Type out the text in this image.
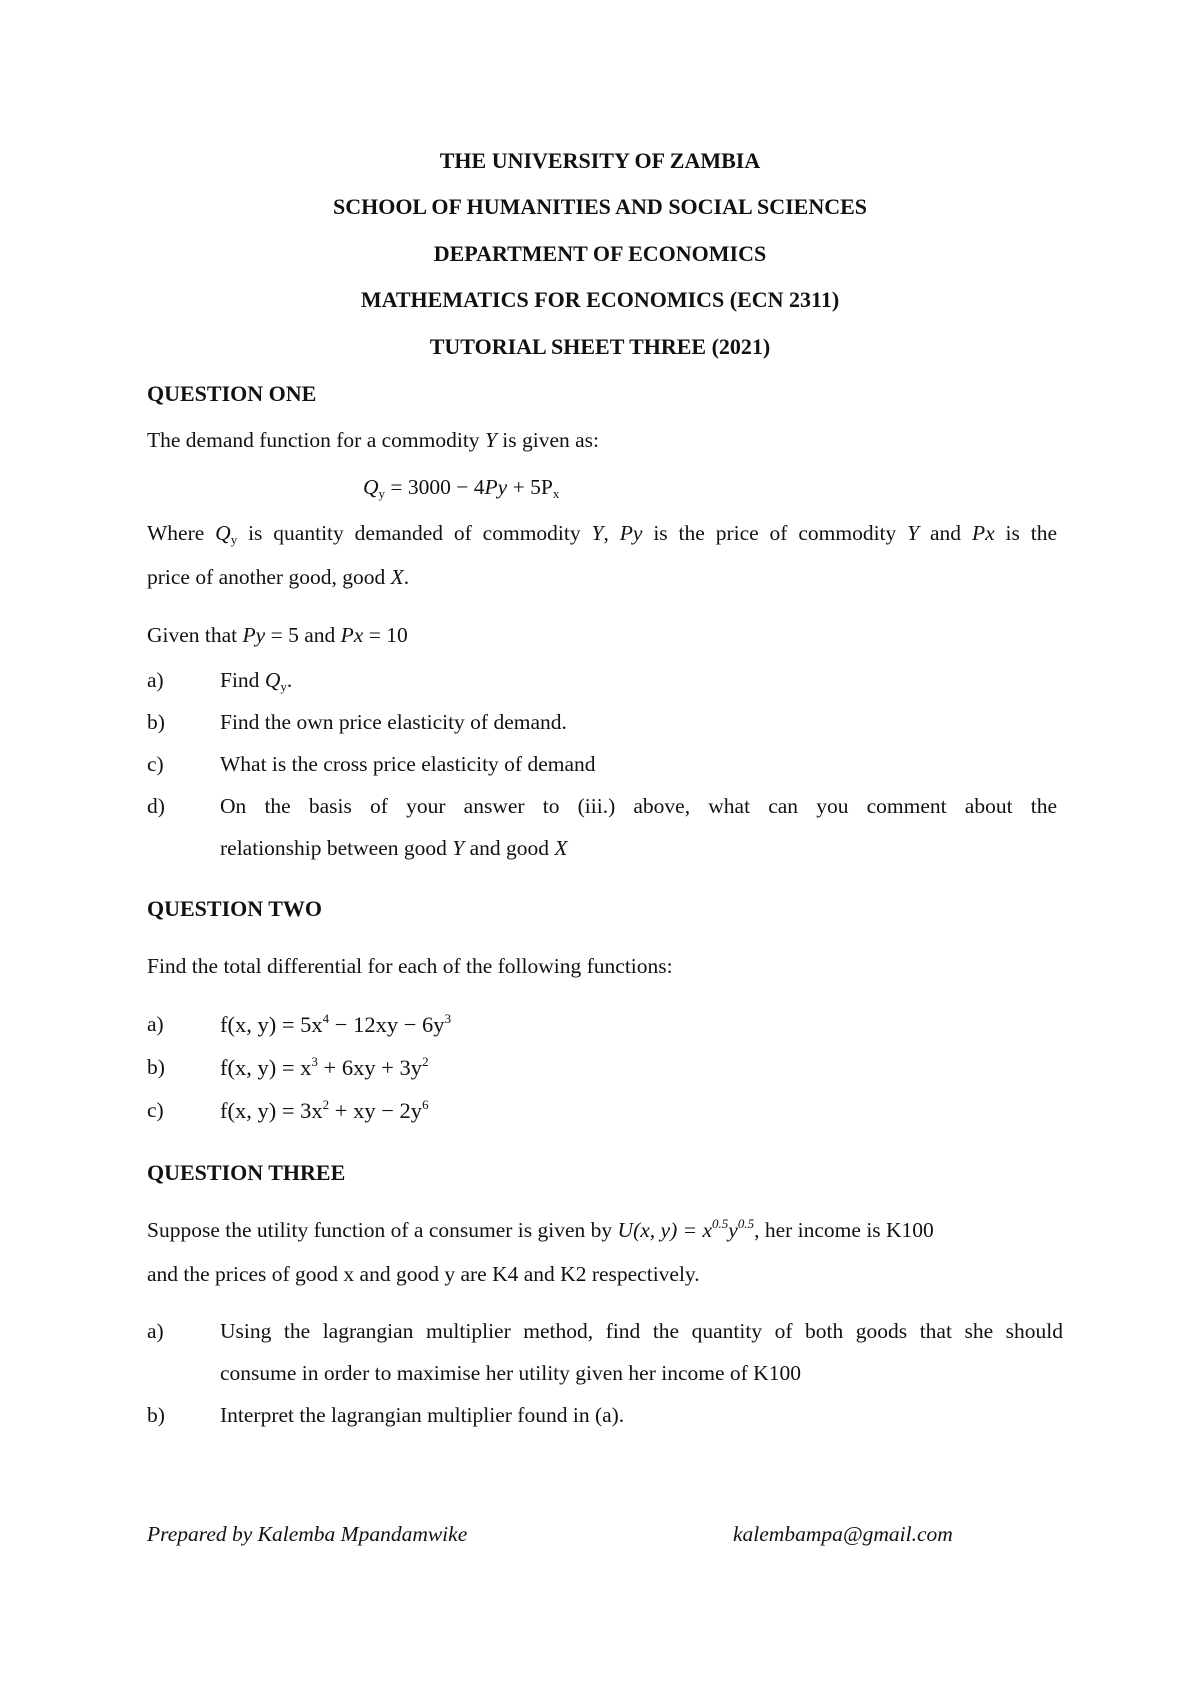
THE UNIVERSITY OF ZAMBIA
SCHOOL OF HUMANITIES AND SOCIAL SCIENCES
DEPARTMENT OF ECONOMICS
MATHEMATICS FOR ECONOMICS (ECN 2311)
TUTORIAL SHEET THREE (2021)
QUESTION ONE
The demand function for a commodity Y is given as:
$Q_y = 3000 - 4Py + 5P_x$
Where $Q_y$ is quantity demanded of commodity Y, Py is the price of commodity Y and Px is the
price of another good, good X.
Given that Py = 5 and Px = 10
a)	Find $Q_y$.
b)	Find the own price elasticity of demand.
c)	What is the cross price elasticity of demand
d)	On the basis of your answer to (iii.) above, what can you comment about the
relationship between good Y and good X
QUESTION TWO
Find the total differential for each of the following functions:
a)	f(x, $y) = 5x^4 - 12xy - 6y^3$
b)	f(x, $y) = x^3 + 6xy + 3y^2$
c)	f(x, $y) = 3x^2$ + xy − $2y^6$
QUESTION THREE
Suppose the utility function of a consumer is given by U(x, $y) = x^{0.5}y^{0.5}$, her income is K100
and the prices of good x and good y are K4 and K2 respectively.
a)	Using the lagrangian multiplier method, find the quantity of both goods that she should
consume in order to maximise her utility given her income of K100
b)	Interpret the lagrangian multiplier found in (a).
Prepared by Kalemba Mpandamwike	kalembampa@gmail.com
